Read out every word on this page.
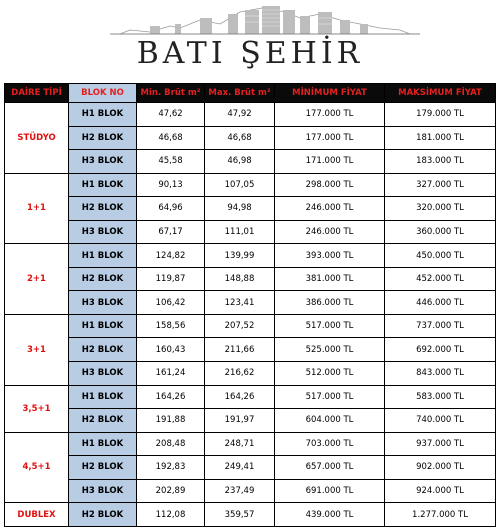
BATI ŞEHİR
DAİRE TİPİ	BLOK NO	Min. Brüt m²	Max. Brüt m²	MİNİMUM FİYAT	MAKSİMUM FİYAT
STÜDYO	H1 BLOK	47,62	47,92	177.000 TL	179.000 TL
	H2 BLOK	46,68	46,68	177.000 TL	181.000 TL
	H3 BLOK	45,58	46,98	171.000 TL	183.000 TL
1+1	H1 BLOK	90,13	107,05	298.000 TL	327.000 TL
	H2 BLOK	64,96	94,98	246.000 TL	320.000 TL
	H3 BLOK	67,17	111,01	246.000 TL	360.000 TL
2+1	H1 BLOK	124,82	139,99	393.000 TL	450.000 TL
	H2 BLOK	119,87	148,88	381.000 TL	452.000 TL
	H3 BLOK	106,42	123,41	386.000 TL	446.000 TL
3+1	H1 BLOK	158,56	207,52	517.000 TL	737.000 TL
	H2 BLOK	160,43	211,66	525.000 TL	692.000 TL
	H3 BLOK	161,24	216,62	512.000 TL	843.000 TL
3,5+1	H1 BLOK	164,26	164,26	517.000 TL	583.000 TL
	H2 BLOK	191,88	191,97	604.000 TL	740.000 TL
4,5+1	H1 BLOK	208,48	248,71	703.000 TL	937.000 TL
	H2 BLOK	192,83	249,41	657.000 TL	902.000 TL
	H3 BLOK	202,89	237,49	691.000 TL	924.000 TL
DUBLEX	H2 BLOK	112,08	359,57	439.000 TL	1.277.000 TL
